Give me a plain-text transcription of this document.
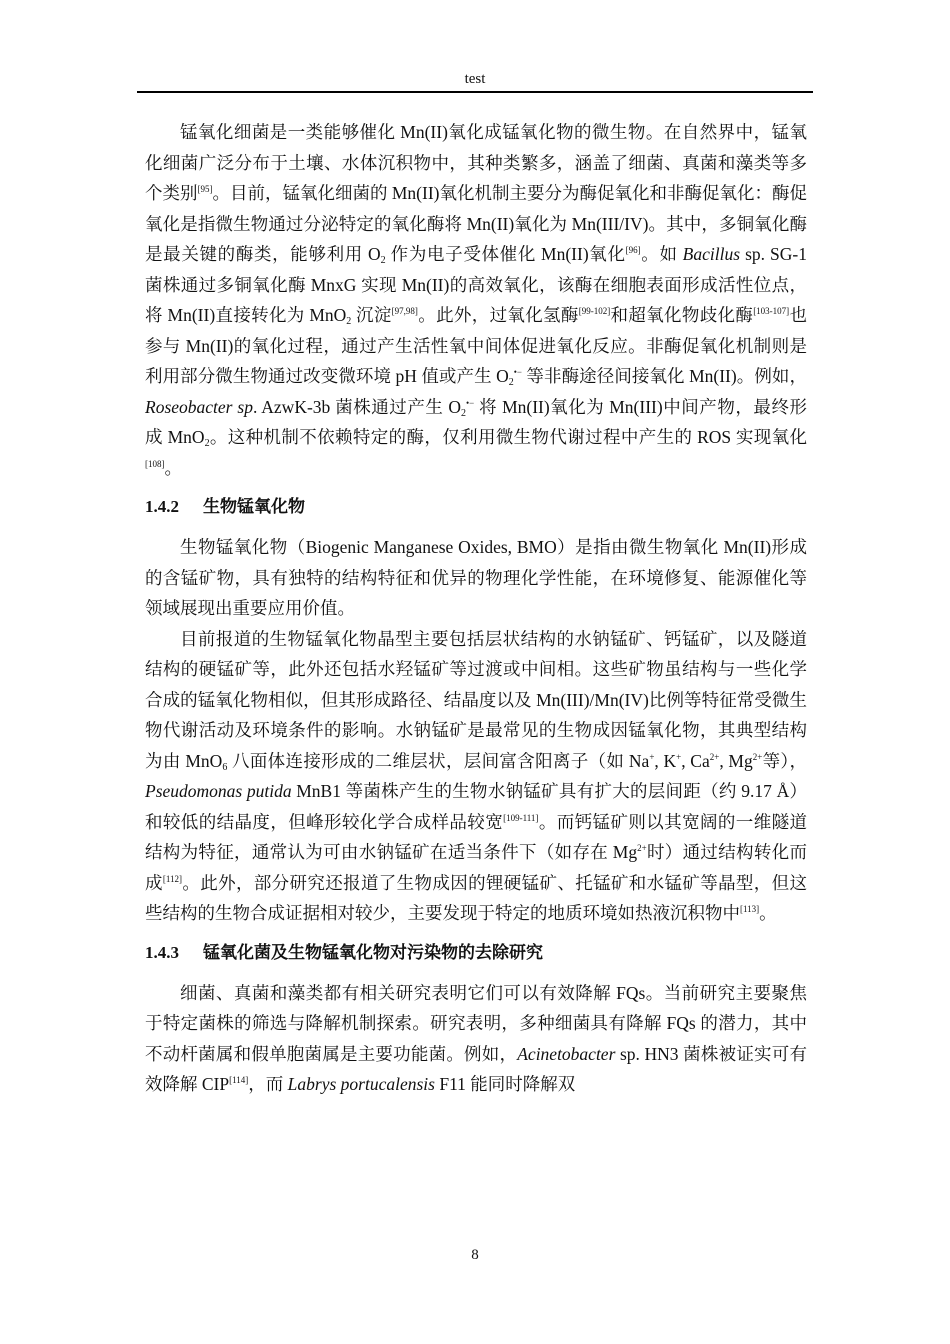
test

锰氧化细菌是一类能够催化 Mn(II)氧化成锰氧化物的微生物。在自然界中，锰氧化细菌广泛分布于土壤、水体沉积物中，其种类繁多，涵盖了细菌、真菌和藻类等多个类别[95]。目前，锰氧化细菌的 Mn(II)氧化机制主要分为酶促氧化和非酶促氧化：酶促氧化是指微生物通过分泌特定的氧化酶将 Mn(II)氧化为 Mn(III/IV)。其中，多铜氧化酶是最关键的酶类，能够利用 $O_2$ 作为电子受体催化 Mn(II)氧化[96]。如 Bacillus sp. SG-1 菌株通过多铜氧化酶 MnxG 实现 Mn(II)的高效氧化，该酶在细胞表面形成活性位点，将 Mn(II)直接转化为 MnO$_2$ 沉淀[97,98]。此外，过氧化氢酶[99-102]和超氧化物歧化酶[103-107]也参与 Mn(II)的氧化过程，通过产生活性氧中间体促进氧化反应。非酶促氧化机制则是利用部分微生物通过改变微环境 pH 值或产生 $O_2^{•-}$ 等非酶途径间接氧化 Mn(II)。例如，Roseobacter sp. AzwK-3b 菌株通过产生 $O_2^{•-}$ 将 Mn(II)氧化为 Mn(III)中间产物，最终形成 MnO$_2$。这种机制不依赖特定的酶，仅利用微生物代谢过程中产生的 ROS 实现氧化[108]。

1.4.2 生物锰氧化物

生物锰氧化物（Biogenic Manganese Oxides, BMO）是指由微生物氧化 Mn(II)形成的含锰矿物，具有独特的结构特征和优异的物理化学性能，在环境修复、能源催化等领域展现出重要应用价值。

目前报道的生物锰氧化物晶型主要包括层状结构的水钠锰矿、钙锰矿，以及隧道结构的硬锰矿等，此外还包括水羟锰矿等过渡或中间相。这些矿物虽结构与一些化学合成的锰氧化物相似，但其形成路径、结晶度以及 Mn(III)/Mn(IV)比例等特征常受微生物代谢活动及环境条件的影响。水钠锰矿是最常见的生物成因锰氧化物，其典型结构为由 MnO$_6$ 八面体连接形成的二维层状，层间富含阳离子（如 Na+, K+, $Ca^{2+}$, $Mg^{2+}$等），Pseudomonas putida MnB1 等菌株产生的生物水钠锰矿具有扩大的层间距（约 9.17 Å）和较低的结晶度，但峰形较化学合成样品较宽[109-111]。而钙锰矿则以其宽阔的一维隧道结构为特征，通常认为可由水钠锰矿在适当条件下（如存在 $Mg^{2+}$时）通过结构转化而成[112]。此外，部分研究还报道了生物成因的锂硬锰矿、托锰矿和水锰矿等晶型，但这些结构的生物合成证据相对较少，主要发现于特定的地质环境如热液沉积物中[113]。

1.4.3 锰氧化菌及生物锰氧化物对污染物的去除研究

细菌、真菌和藻类都有相关研究表明它们可以有效降解 FQs。当前研究主要聚焦于特定菌株的筛选与降解机制探索。研究表明，多种细菌具有降解 FQs 的潜力，其中不动杆菌属和假单胞菌属是主要功能菌。例如，Acinetobacter sp. HN3 菌株被证实可有效降解 CIP[114]，而 Labrys portucalensis F11 能同时降解双

8
